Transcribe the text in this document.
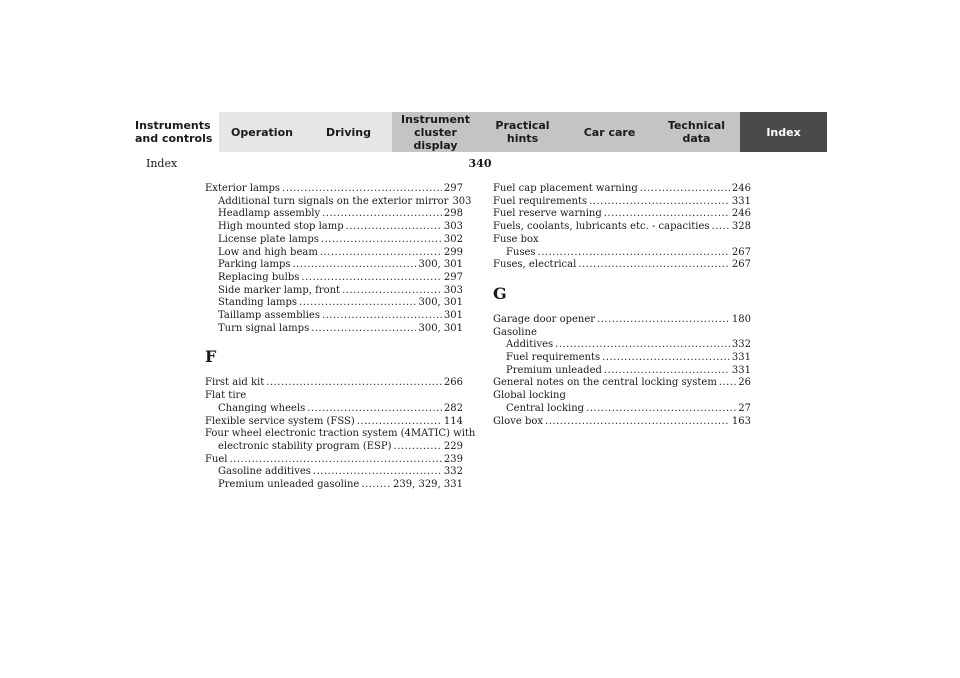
Instruments
and controls	Operation	Driving
Instrument
cluster display
Practical hints	Car care	Technical
data	Index
Index	340
Exterior lamps .....	297
Additional turn signals on the exterior mirror 303
Headlamp assembly .....	298
High mounted stop lamp .....	303
License plate lamps .....	302
Low and high beam .....	299
Parking lamps .....	300, 301
Replacing bulbs .....	297
Side marker lamp, front .....	303
Standing lamps .....	300, 301
Taillamp assemblies .....	301
Turn signal lamps .....	300, 301
F
First aid kit .....	266
Flat tire
Changing wheels .....	282
Flexible service system (FSS) .....	114
Four wheel electronic traction system (4MATIC) with
electronic stability program (ESP) .....	229
Fuel .....	239
Gasoline additives .....	332
Premium unleaded gasoline .....	239, 329, 331
Fuel cap placement warning .....	246
Fuel requirements .....	331
Fuel reserve warning .....	246
Fuels, coolants, lubricants etc. - capacities ..... 328
Fuse box
Fuses .....	267
Fuses, electrical .....	267
G
Garage door opener .....	180
Gasoline
Additives .....	332
Fuel requirements .....	331
Premium unleaded .....	331
General notes on the central locking system ..... 26
Global locking
Central locking .....	27
Glove box .....	163
